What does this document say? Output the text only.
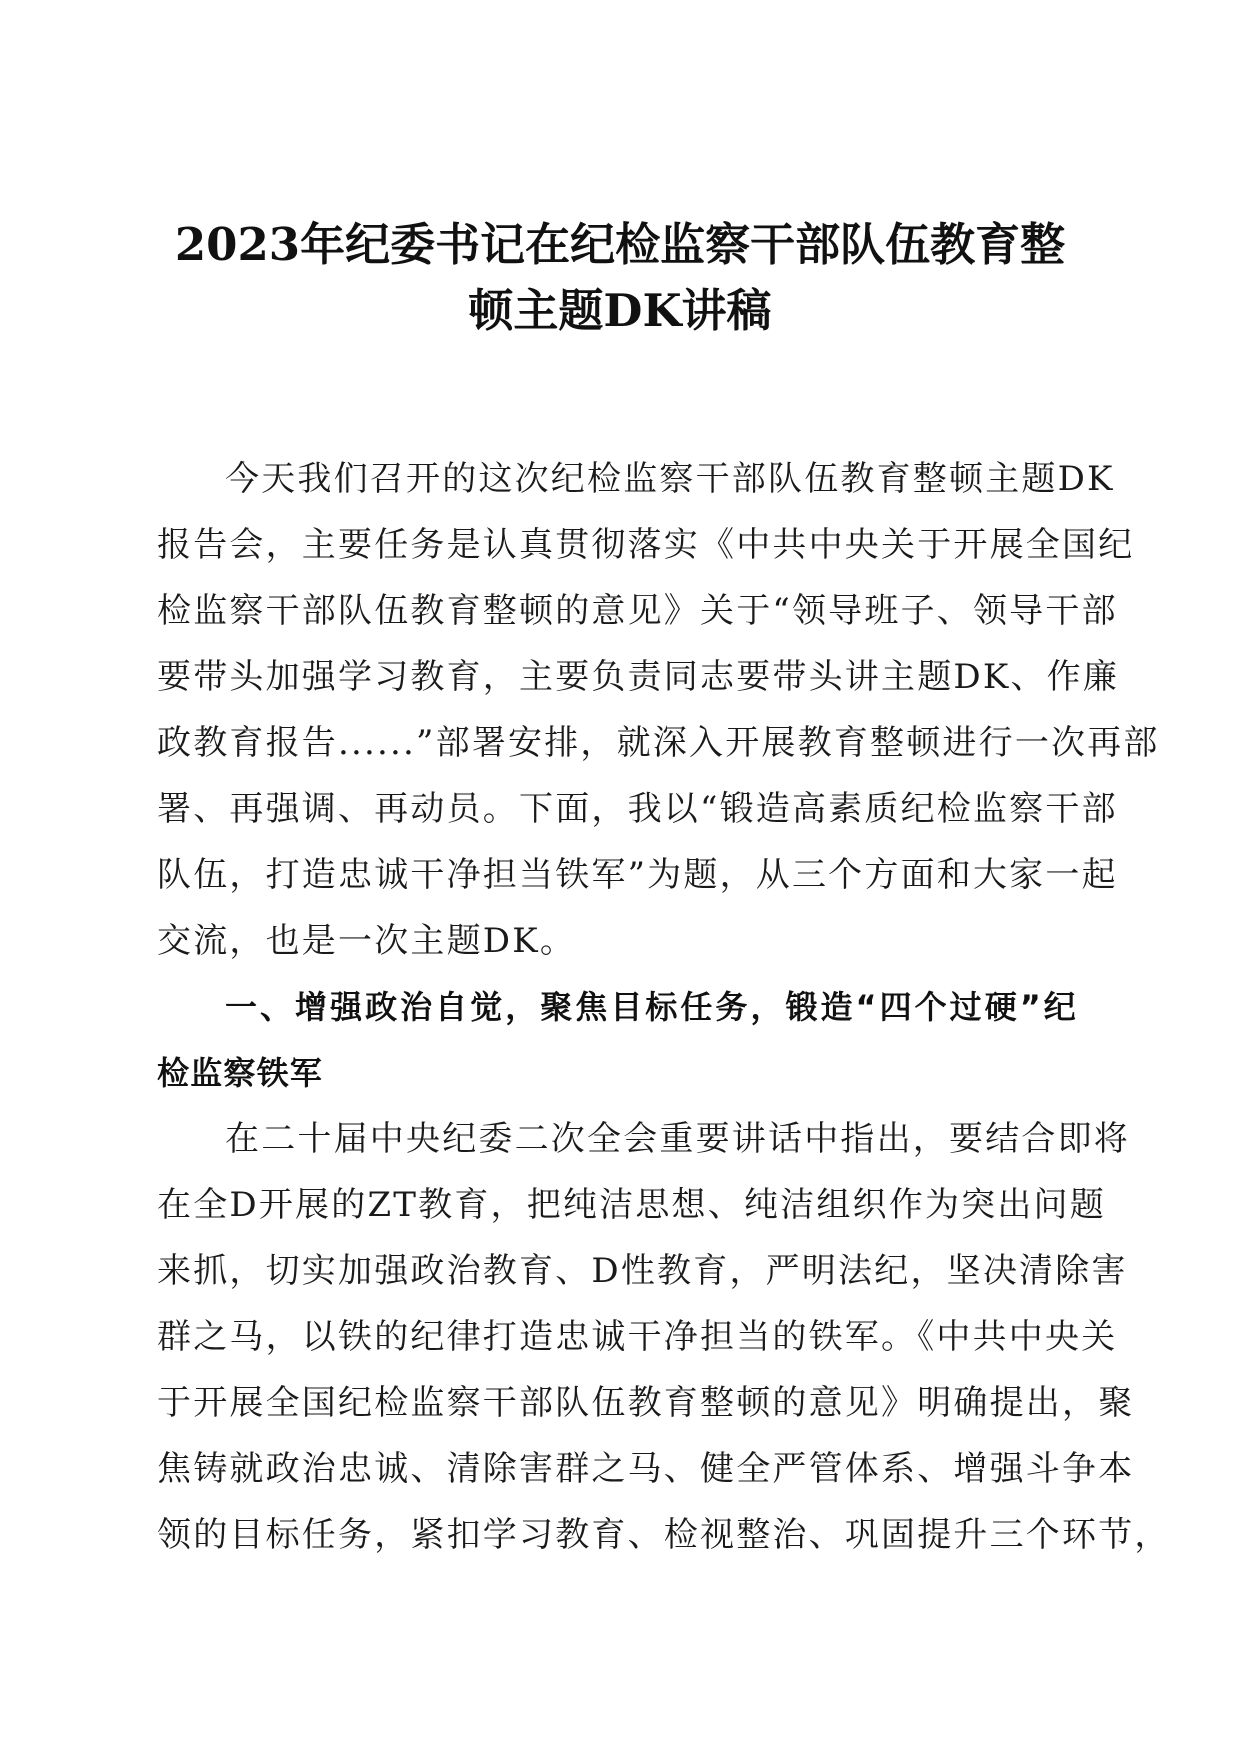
2023年纪委书记在纪检监察干部队伍教育整
顿主题DK讲稿
今天我们召开的这次纪检监察干部队伍教育整顿主题DK
报告会，主要任务是认真贯彻落实《中共中央关于开展全国纪
检监察干部队伍教育整顿的意见》关于“领导班子、领导干部
要带头加强学习教育，主要负责同志要带头讲主题DK、作廉
政教育报告......”部署安排，就深入开展教育整顿进行一次再部
署、再强调、再动员。下面，我以“锻造高素质纪检监察干部
队伍，打造忠诚干净担当铁军”为题，从三个方面和大家一起
交流，也是一次主题DK。
一、增强政治自觉，聚焦目标任务，锻造“四个过硬”纪
检监察铁军
在二十届中央纪委二次全会重要讲话中指出，要结合即将
在全D开展的ZT教育，把纯洁思想、纯洁组织作为突出问题
来抓，切实加强政治教育、D性教育，严明法纪，坚决清除害
群之马，以铁的纪律打造忠诚干净担当的铁军。《中共中央关
于开展全国纪检监察干部队伍教育整顿的意见》明确提出，聚
焦铸就政治忠诚、清除害群之马、健全严管体系、增强斗争本
领的目标任务，紧扣学习教育、检视整治、巩固提升三个环节，
